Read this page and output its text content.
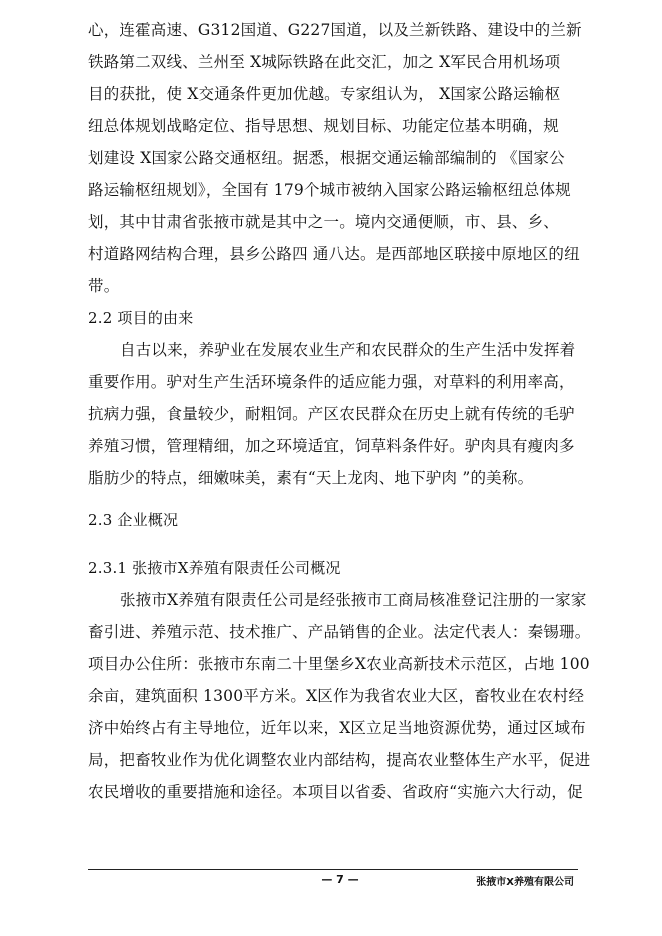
心，连霍高速、G312国道、G227国道，以及兰新铁路、建设中的兰新
铁路第二双线、兰州至 X城际铁路在此交汇，加之 X军民合用机场项
目的获批，使 X交通条件更加优越。专家组认为， X国家公路运输枢
纽总体规划战略定位、指导思想、规划目标、功能定位基本明确，规
划建设 X国家公路交通枢纽。据悉，根据交通运输部编制的 《国家公
路运输枢纽规划》，全国有 179个城市被纳入国家公路运输枢纽总体规
划，其中甘肃省张掖市就是其中之一。境内交通便顺，市、县、乡、
村道路网结构合理，县乡公路四 通八达。是西部地区联接中原地区的纽
带。
2.2 项目的由来
自古以来，养驴业在发展农业生产和农民群众的生产生活中发挥着
重要作用。驴对生产生活环境条件的适应能力强，对草料的利用率高，
抗病力强，食量较少，耐粗饲。产区农民群众在历史上就有传统的毛驴
养殖习惯，管理精细，加之环境适宜，饲草料条件好。驴肉具有瘦肉多
脂肪少的特点，细嫩味美，素有“天上龙肉、地下驴肉 ”的美称。
2.3 企业概况
2.3.1 张掖市X养殖有限责任公司概况
张掖市X养殖有限责任公司是经张掖市工商局核准登记注册的一家家
畜引进、养殖示范、技术推广、产品销售的企业。法定代表人：秦锡珊。
项目办公住所：张掖市东南二十里堡乡X农业高新技术示范区，占地 100
余亩，建筑面积 1300平方米。X区作为我省农业大区，畜牧业在农村经
济中始终占有主导地位，近年以来，X区立足当地资源优势，通过区域布
局，把畜牧业作为优化调整农业内部结构，提高农业整体生产水平，促进
农民增收的重要措施和途径。本项目以省委、省政府“实施六大行动，促
— 7 —	张掖市X养殖有限公司
